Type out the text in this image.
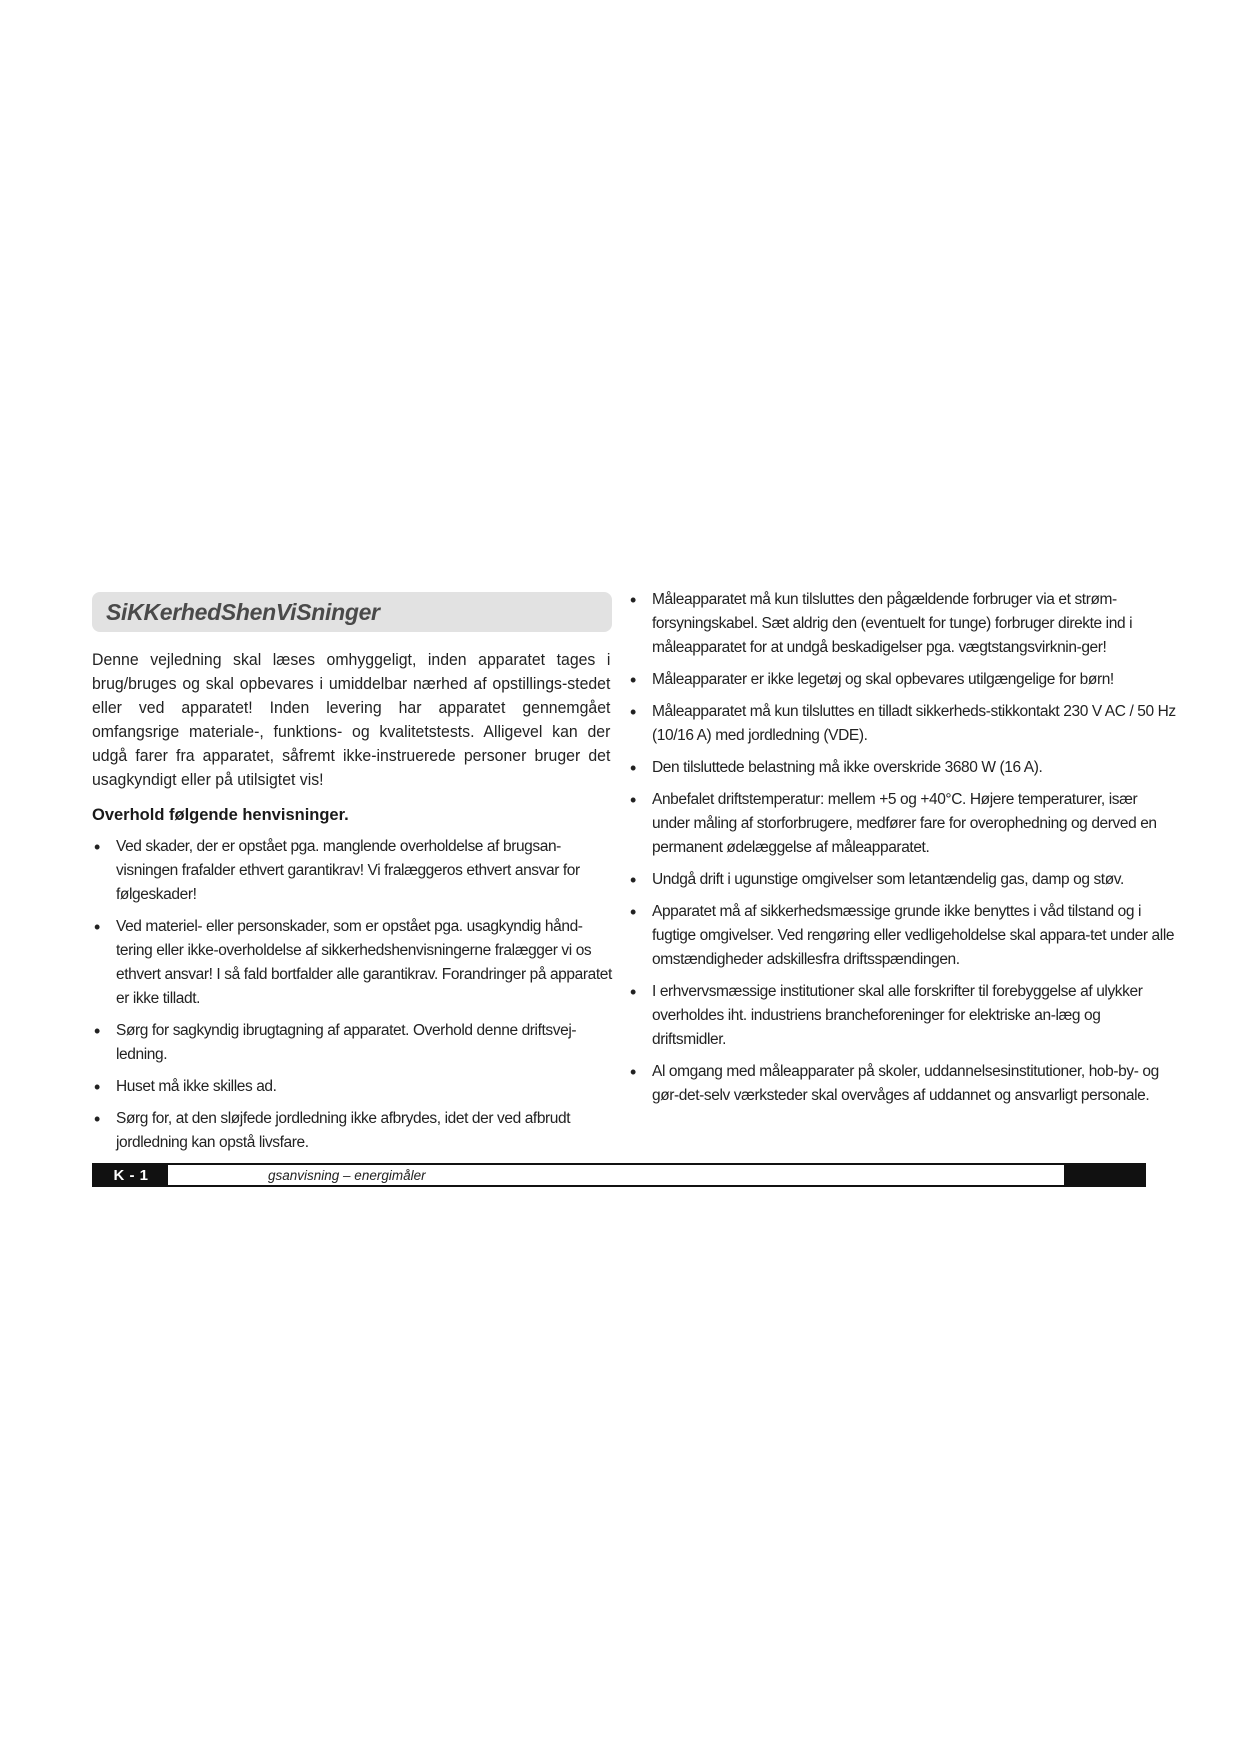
SiKKerhedShenViSninger

Denne vejledning skal læses omhyggeligt, inden apparatet tages i brug/bruges og skal opbevares i umiddelbar nærhed af opstillings-stedet eller ved apparatet! Inden levering har apparatet gennemgået omfangsrige materiale-, funktions- og kvalitetstests. Alligevel kan der udgå farer fra apparatet, såfremt ikke-instruerede personer bruger det usagkyndigt eller på utilsigtet vis!

Overhold følgende henvisninger.

• Ved skader, der er opstået pga. manglende overholdelse af brugsan-visningen frafalder ethvert garantikrav! Vi fralæggeros ethvert ansvar for følgeskader!
• Ved materiel- eller personskader, som er opstået pga. usagkyndig hånd-tering eller ikke-overholdelse af sikkerhedshenvisningerne fralægger vi os ethvert ansvar! I så fald bortfalder alle garantikrav. Forandringer på apparatet er ikke tilladt.
• Sørg for sagkyndig ibrugtagning af apparatet. Overhold denne driftsvej-ledning.
• Huset må ikke skilles ad.
• Sørg for, at den sløjfede jordledning ikke afbrydes, idet der ved afbrudt jordledning kan opstå livsfare.
• Måleapparatet må kun tilsluttes den pågældende forbruger via et strøm-forsyningskabel. Sæt aldrig den (eventuelt for tunge) forbruger direkte ind i måleapparatet for at undgå beskadigelser pga. vægtstangsvirknin-ger!
• Måleapparater er ikke legetøj og skal opbevares utilgængelige for børn!
• Måleapparatet må kun tilsluttes en tilladt sikkerheds-stikkontakt 230 V AC / 50 Hz (10/16 A) med jordledning (VDE).
• Den tilsluttede belastning må ikke overskride 3680 W (16 A).
• Anbefalet driftstemperatur: mellem +5 og +40°C. Højere temperaturer, især under måling af storforbrugere, medfører fare for overophedning og derved en permanent ødelæggelse af måleapparatet.
• Undgå drift i ugunstige omgivelser som letantændelig gas, damp og støv.
• Apparatet må af sikkerhedsmæssige grunde ikke benyttes i våd tilstand og i fugtige omgivelser. Ved rengøring eller vedligeholdelse skal appara-tet under alle omstændigheder adskillesfra driftsspændingen.
• I erhvervsmæssige institutioner skal alle forskrifter til forebyggelse af ulykker overholdes iht. industriens brancheforeninger for elektriske an-læg og driftsmidler.
• Al omgang med måleapparater på skoler, uddannelsesinstitutioner, hob-by- og gør-det-selv værksteder skal overvåges af uddannet og ansvarligt personale.
K - 1	gsanvisning – energimåler
